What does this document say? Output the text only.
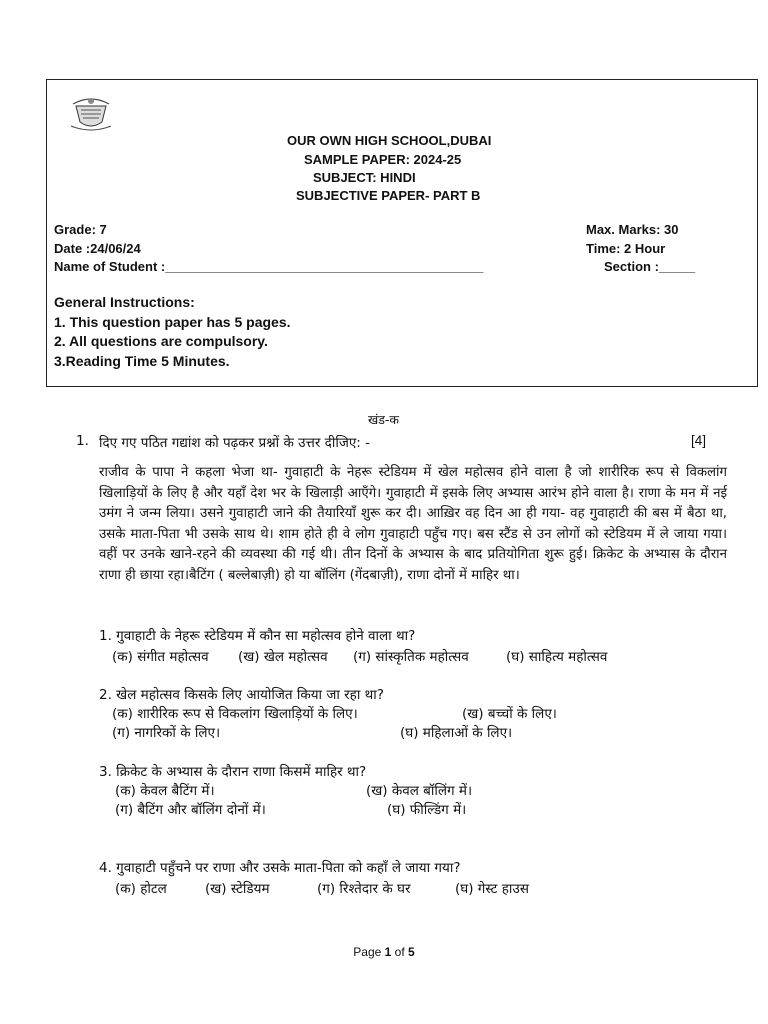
OUR OWN HIGH SCHOOL,DUBAI
SAMPLE PAPER: 2024-25
SUBJECT: HINDI
SUBJECTIVE PAPER- PART B
Grade: 7
Date :24/06/24
Name of Student :____________________________________________
Max. Marks: 30
Time: 2 Hour
Section :_____
General Instructions:
1. This question paper has 5 pages.
2. All questions are compulsory.
3.Reading Time 5 Minutes.
खंड-क
1. दिए गए पठित गद्यांश को पढ़कर प्रश्नों के उत्तर दीजिए: -	[4]
राजीव के पापा ने कहला भेजा था- गुवाहाटी के नेहरू स्टेडियम में खेल महोत्सव होने वाला है जो शारीरिक रूप से विकलांग खिलाड़ियों के लिए है और यहाँ देश भर के खिलाड़ी आएँगे। गुवाहाटी में इसके लिए अभ्यास आरंभ होने वाला है। राणा के मन में नई उमंग ने जन्म लिया। उसने गुवाहाटी जाने की तैयारियाँ शुरू कर दी। आख़िर वह दिन आ ही गया- वह गुवाहाटी की बस में बैठा था, उसके माता-पिता भी उसके साथ थे। शाम होते ही वे लोग गुवाहाटी पहुँच गए। बस स्टैंड से उन लोगों को स्टेडियम में ले जाया गया। वहीं पर उनके खाने-रहने की व्यवस्था की गई थी। तीन दिनों के अभ्यास के बाद प्रतियोगिता शुरू हुई। क्रिकेट के अभ्यास के दौरान राणा ही छाया रहा।बैटिंग ( बल्लेबाज़ी) हो या बॉलिंग (गेंदबाज़ी), राणा दोनों में माहिर था।
1. गुवाहाटी के नेहरू स्टेडियम में कौन सा महोत्सव होने वाला था?
(क) संगीत महोत्सव (ख) खेल महोत्सव (ग) सांस्कृतिक महोत्सव	(घ) साहित्य महोत्सव
2. खेल महोत्सव किसके लिए आयोजित किया जा रहा था?
(क) शारीरिक रूप से विकलांग खिलाड़ियों के लिए।	(ख) बच्चों के लिए।
(ग) नागरिकों के लिए।	(घ) महिलाओं के लिए।
3. क्रिकेट के अभ्यास के दौरान राणा किसमें माहिर था?
(क) केवल बैटिंग में।	(ख) केवल बॉलिंग में।
(ग) बैटिंग और बॉलिंग दोनों में।	(घ) फील्डिंग में।
4. गुवाहाटी पहुँचने पर राणा और उसके माता-पिता को कहाँ ले जाया गया?
(क) होटल	(ख) स्टेडियम	(ग) रिश्तेदार के घर	(घ) गेस्ट हाउस
Page 1 of 5
